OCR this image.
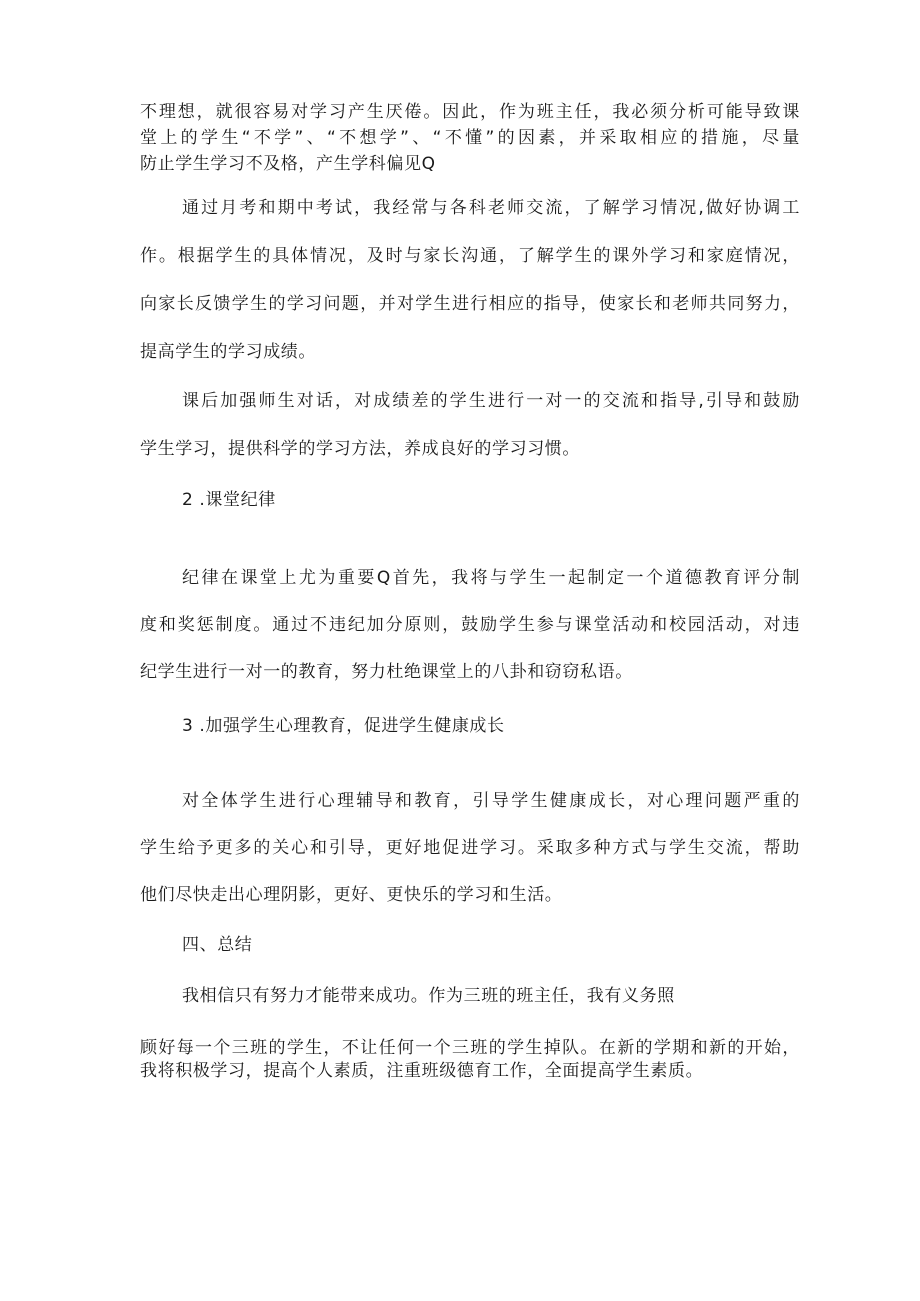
不理想，就很容易对学习产生厌倦。因此，作为班主任，我必须分析可能导致课
堂上的学生“不学”、“不想学”、“不懂”的因素，并采取相应的措施，尽量
防止学生学习不及格，产生学科偏见Q
通过月考和期中考试，我经常与各科老师交流，了解学习情况,做好协调工
作。根据学生的具体情况，及时与家长沟通，了解学生的课外学习和家庭情况，
向家长反馈学生的学习问题，并对学生进行相应的指导，使家长和老师共同努力，
提高学生的学习成绩。
课后加强师生对话，对成绩差的学生进行一对一的交流和指导,引导和鼓励
学生学习，提供科学的学习方法，养成良好的学习习惯。
2 .课堂纪律
纪律在课堂上尤为重要Q首先，我将与学生一起制定一个道德教育评分制
度和奖惩制度。通过不违纪加分原则，鼓励学生参与课堂活动和校园活动，对违
纪学生进行一对一的教育，努力杜绝课堂上的八卦和窃窃私语。
3 .加强学生心理教育，促进学生健康成长
对全体学生进行心理辅导和教育，引导学生健康成长，对心理问题严重的
学生给予更多的关心和引导，更好地促进学习。采取多种方式与学生交流，帮助
他们尽快走出心理阴影，更好、更快乐的学习和生活。
四、总结
我相信只有努力才能带来成功。作为三班的班主任，我有义务照
顾好每一个三班的学生，不让任何一个三班的学生掉队。在新的学期和新的开始，
我将积极学习，提高个人素质，注重班级德育工作，全面提高学生素质。
